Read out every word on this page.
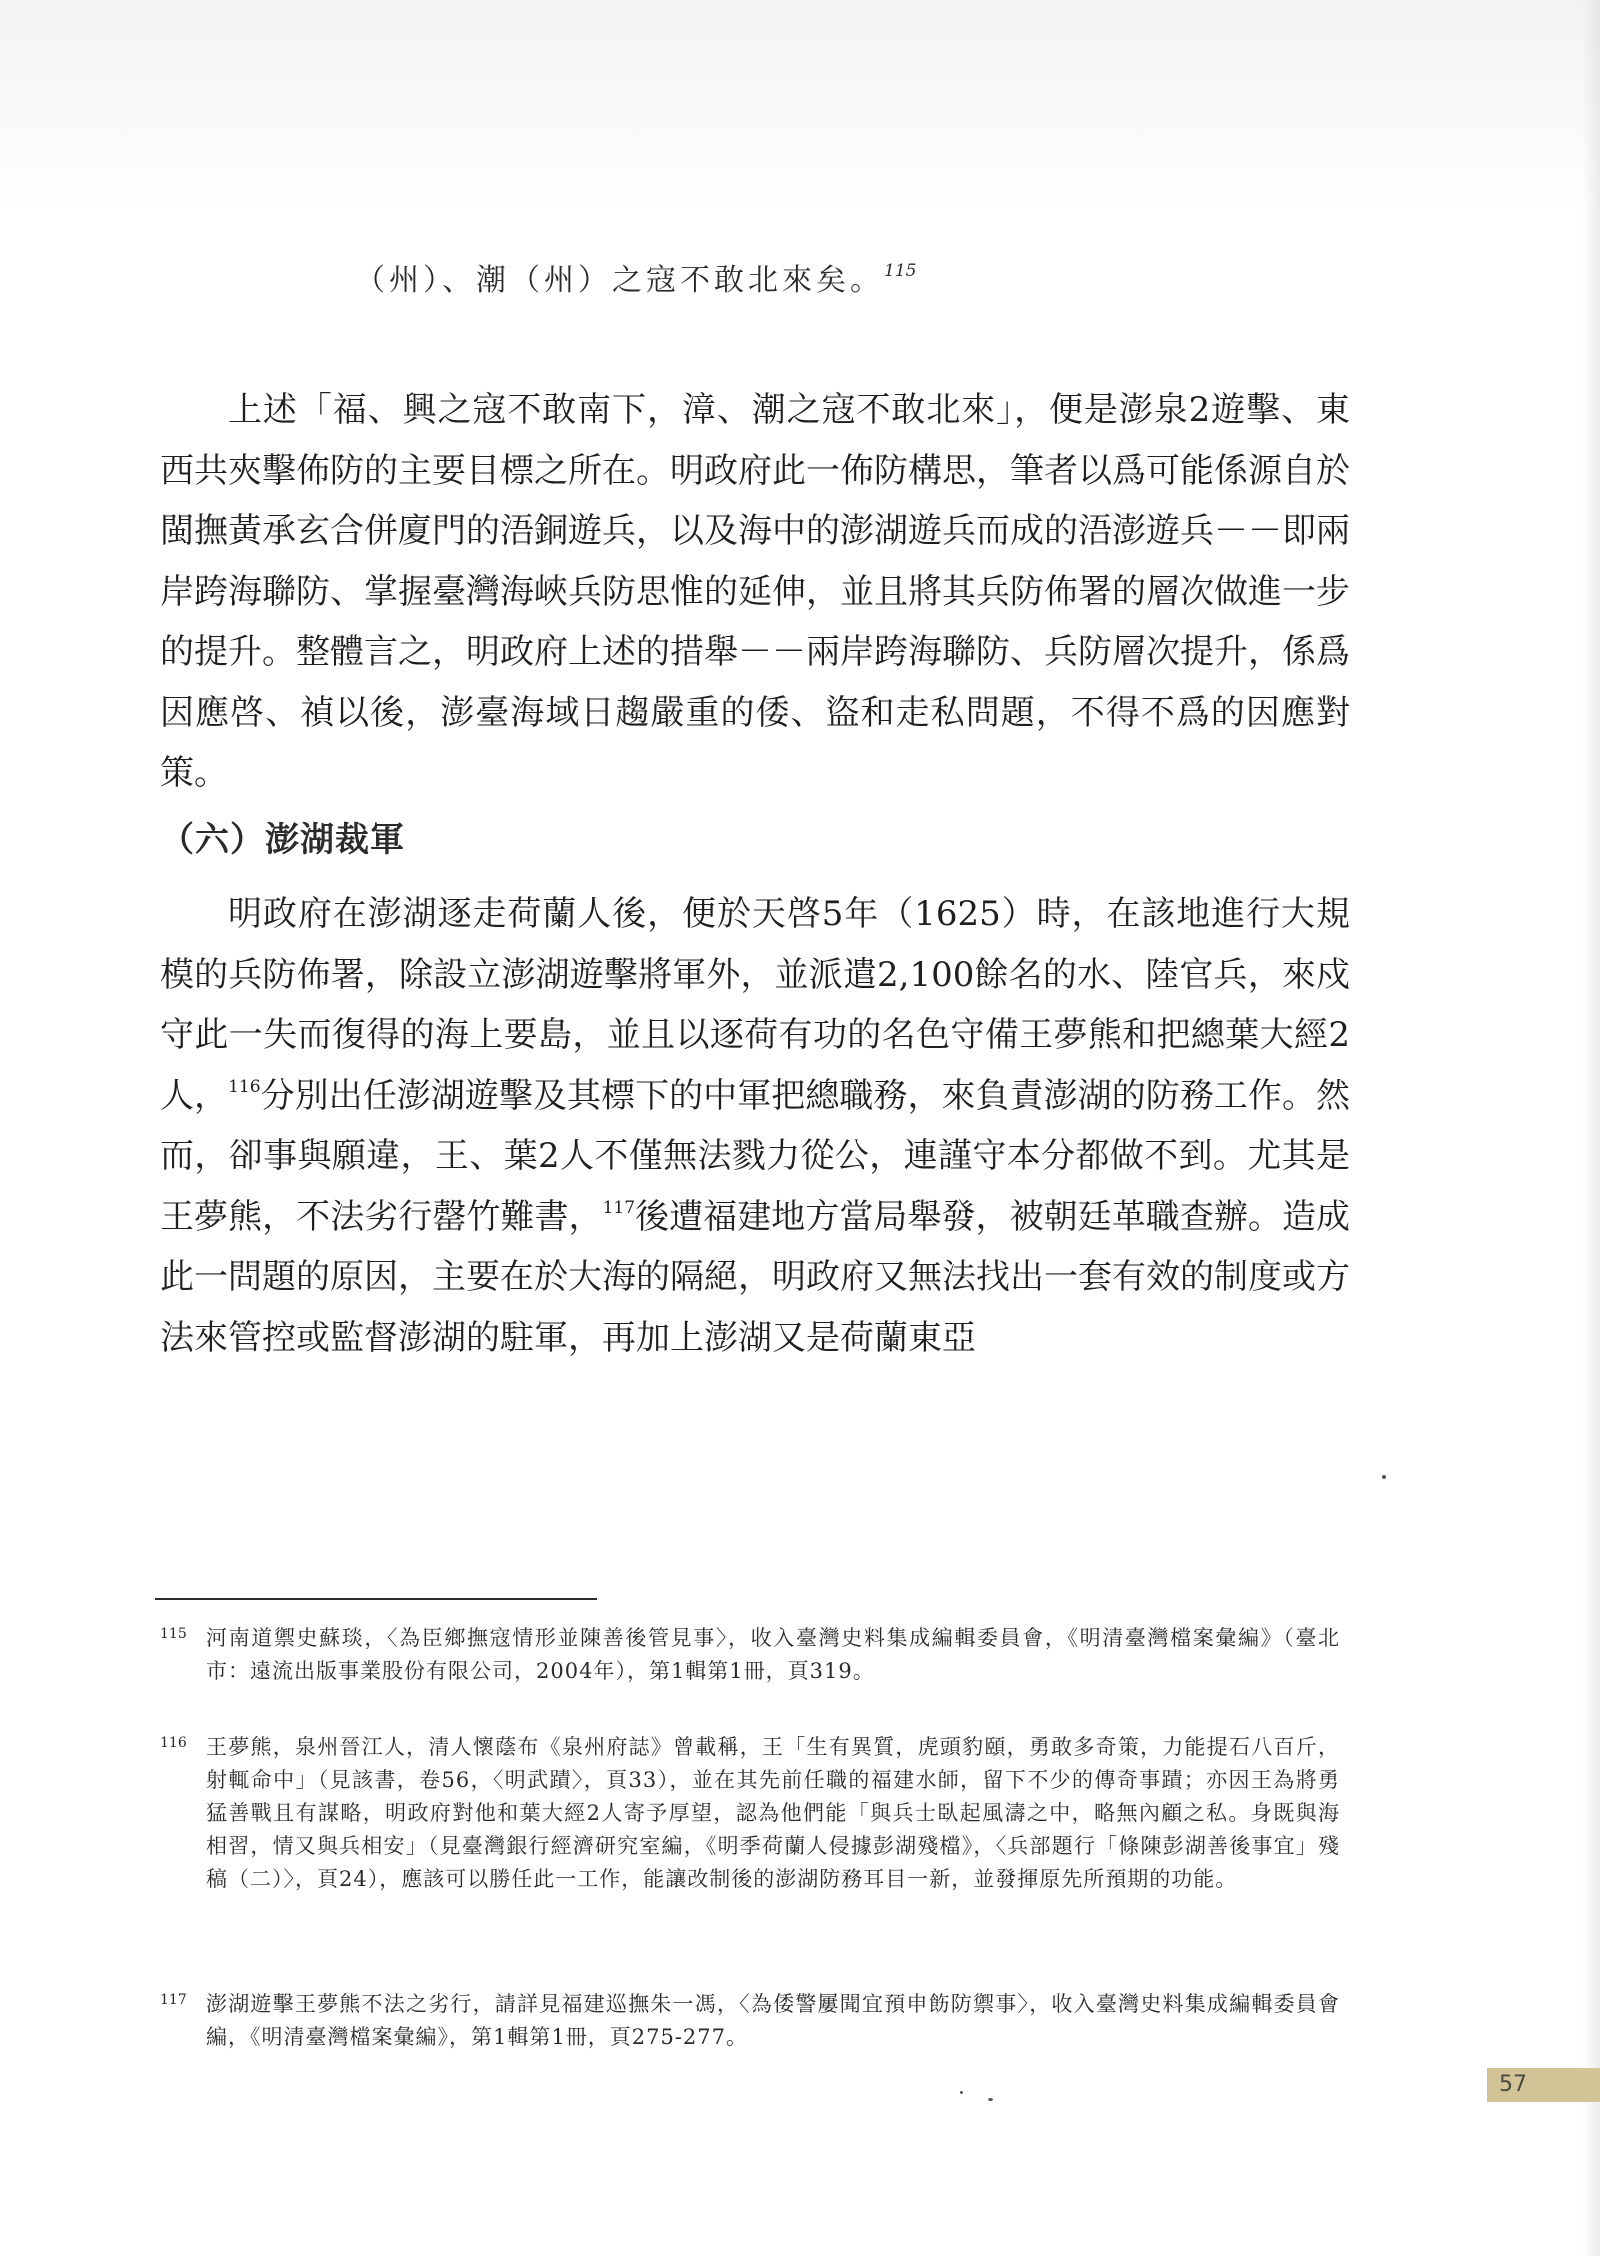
（州）、潮（州）之寇不敢北來矣。$^{115}$

上述「福、興之寇不敢南下，漳、潮之寇不敢北來」，便是澎泉2遊擊、東西共夾擊佈防的主要目標之所在。明政府此一佈防構思，筆者以爲可能係源自於閩撫黃承玄合併廈門的浯銅遊兵，以及海中的澎湖遊兵而成的浯澎遊兵－－即兩岸跨海聯防、掌握臺灣海峽兵防思惟的延伸，並且將其兵防佈署的層次做進一步的提升。整體言之，明政府上述的措舉－－兩岸跨海聯防、兵防層次提升，係爲因應啓、禎以後，澎臺海域日趨嚴重的倭、盜和走私問題，不得不爲的因應對策。

（六）澎湖裁軍

明政府在澎湖逐走荷蘭人後，便於天啓5年（1625）時，在該地進行大規模的兵防佈署，除設立澎湖遊擊將軍外，並派遣2,100餘名的水、陸官兵，來戍守此一失而復得的海上要島，並且以逐荷有功的名色守備王夢熊和把總葉大經2人，$^{116}$分別出任澎湖遊擊及其標下的中軍把總職務，來負責澎湖的防務工作。然而，卻事與願違，王、葉2人不僅無法戮力從公，連謹守本分都做不到。尤其是王夢熊，不法劣行罄竹難書，$^{117}$後遭福建地方當局舉發，被朝廷革職查辦。造成此一問題的原因，主要在於大海的隔絕，明政府又無法找出一套有效的制度或方法來管控或監督澎湖的駐軍，再加上澎湖又是荷蘭東亞

115 河南道禦史蘇琰，〈為臣鄉撫寇情形並陳善後管見事〉，收入臺灣史料集成編輯委員會，《明清臺灣檔案彙編》（臺北市：遠流出版事業股份有限公司，2004年），第1輯第1冊，頁319。
116 王夢熊，泉州晉江人，清人懷蔭布《泉州府誌》曾載稱，王「生有異質，虎頭豹頤，勇敢多奇策，力能提石八百斤，射輒命中」（見該書，卷56，〈明武蹟〉，頁33），並在其先前任職的福建水師，留下不少的傳奇事蹟；亦因王為將勇猛善戰且有謀略，明政府對他和葉大經2人寄予厚望，認為他們能「與兵士臥起風濤之中，略無內顧之私。身既與海相習，情又與兵相安」（見臺灣銀行經濟研究室編，《明季荷蘭人侵據彭湖殘檔》，〈兵部題行「條陳彭湖善後事宜」殘稿（二）〉，頁24），應該可以勝任此一工作，能讓改制後的澎湖防務耳目一新，並發揮原先所預期的功能。
117 澎湖遊擊王夢熊不法之劣行，請詳見福建巡撫朱一馮，〈為倭警屢聞宜預申飭防禦事〉，收入臺灣史料集成編輯委員會編，《明清臺灣檔案彙編》，第1輯第1冊，頁275-277。
57
